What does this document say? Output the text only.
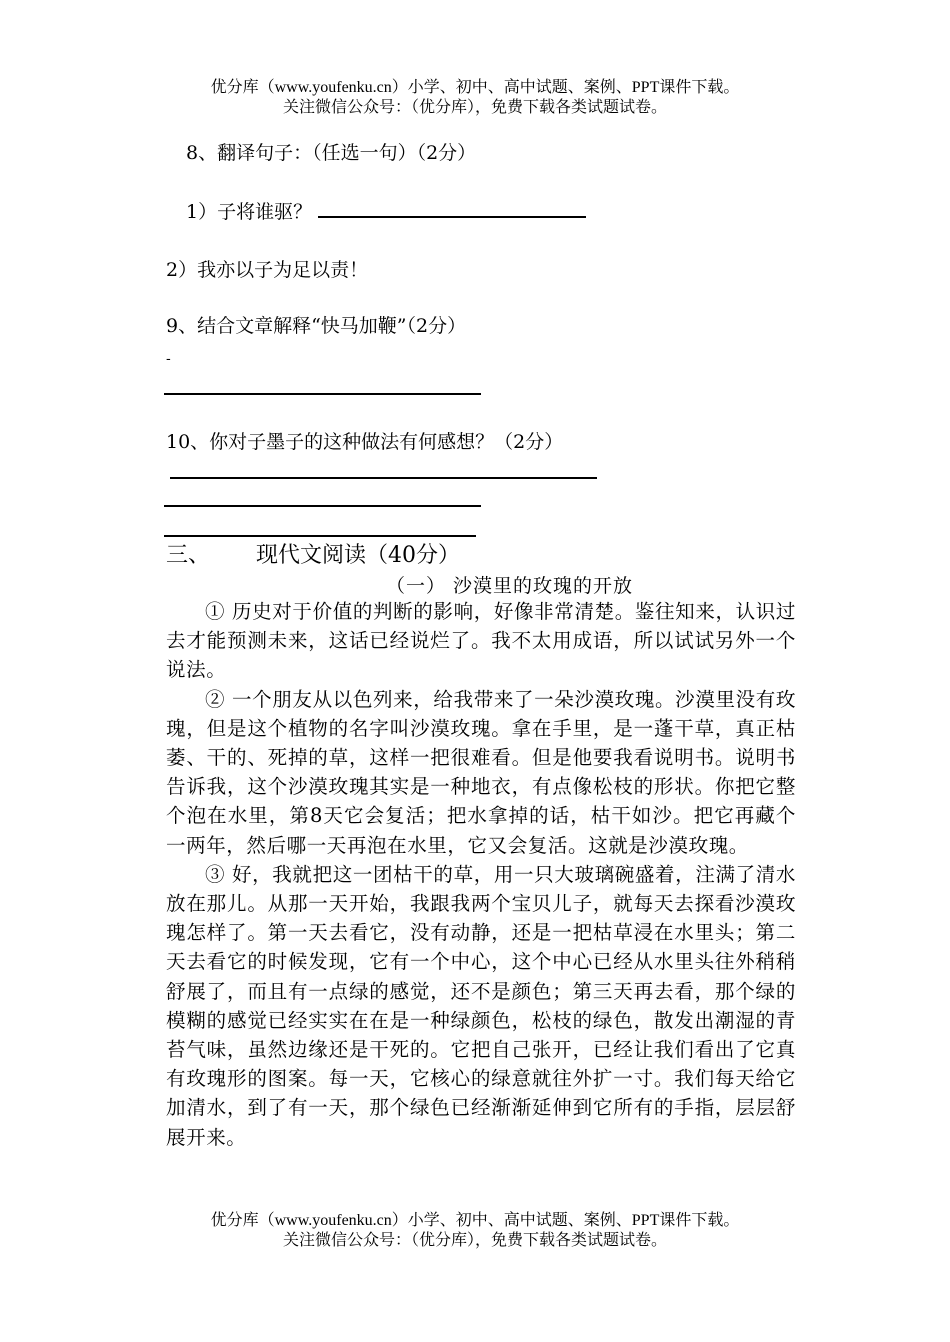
优分库（www.youfenku.cn）小学、初中、高中试题、案例、PPT课件下载。
关注微信公众号：（优分库），免费下载各类试题试卷。
8、翻译句子：（任选一句）（2分）
1）子将谁驱？
2）我亦以子为足以责！
9、结合文章解释“快马加鞭”（2分）
-
10、你对子墨子的这种做法有何感想？（2分）
三、 现代文阅读（40分）
（一） 沙漠里的玫瑰的开放

① 历史对于价值的判断的影响，好像非常清楚。鉴往知来，认识过去才能预测未来，这话已经说烂了。我不太用成语，所以试试另外一个说法。

② 一个朋友从以色列来，给我带来了一朵沙漠玫瑰。沙漠里没有玫瑰，但是这个植物的名字叫沙漠玫瑰。拿在手里，是一蓬干草，真正枯萎、干的、死掉的草，这样一把很难看。但是他要我看说明书。说明书告诉我，这个沙漠玫瑰其实是一种地衣，有点像松枝的形状。你把它整个泡在水里，第8天它会复活；把水拿掉的话，枯干如沙。把它再藏个一两年，然后哪一天再泡在水里，它又会复活。这就是沙漠玫瑰。

③ 好，我就把这一团枯干的草，用一只大玻璃碗盛着，注满了清水放在那儿。从那一天开始，我跟我两个宝贝儿子，就每天去探看沙漠玫瑰怎样了。第一天去看它，没有动静，还是一把枯草浸在水里头；第二天去看它的时候发现，它有一个中心，这个中心已经从水里头往外稍稍舒展了，而且有一点绿的感觉，还不是颜色；第三天再去看，那个绿的模糊的感觉已经实实在在是一种绿颜色，松枝的绿色，散发出潮湿的青苔气味，虽然边缘还是干死的。它把自己张开，已经让我们看出了它真有玫瑰形的图案。每一天，它核心的绿意就往外扩一寸。我们每天给它加清水，到了有一天，那个绿色已经渐渐延伸到它所有的手指，层层舒展开来。

优分库（www.youfenku.cn）小学、初中、高中试题、案例、PPT课件下载。
关注微信公众号：（优分库），免费下载各类试题试卷。
